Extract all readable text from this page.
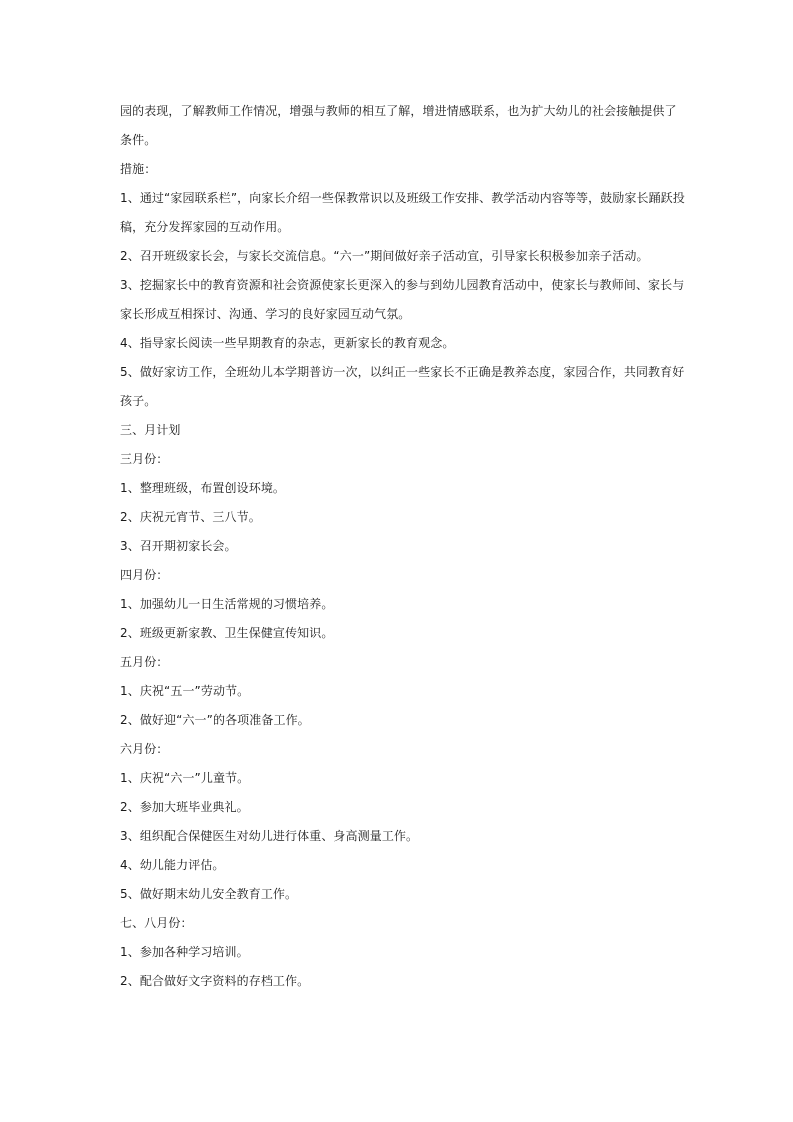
园的表现，了解教师工作情况，增强与教师的相互了解，增进情感联系，也为扩大幼儿的社会接触提供了
条件。
措施：
1、通过“家园联系栏”，向家长介绍一些保教常识以及班级工作安排、教学活动内容等等，鼓励家长踊跃投
稿，充分发挥家园的互动作用。
2、召开班级家长会，与家长交流信息。“六一”期间做好亲子活动宣，引导家长积极参加亲子活动。
3、挖掘家长中的教育资源和社会资源使家长更深入的参与到幼儿园教育活动中，使家长与教师间、家长与
家长形成互相探讨、沟通、学习的良好家园互动气氛。
4、指导家长阅读一些早期教育的杂志，更新家长的教育观念。
5、做好家访工作，全班幼儿本学期普访一次，以纠正一些家长不正确是教养态度，家园合作，共同教育好
孩子。
三、月计划
三月份：
1、整理班级，布置创设环境。
2、庆祝元宵节、三八节。
3、召开期初家长会。
四月份：
1、加强幼儿一日生活常规的习惯培养。
2、班级更新家教、卫生保健宣传知识。
五月份：
1、庆祝“五一”劳动节。
2、做好迎“六一”的各项准备工作。
六月份：
1、庆祝“六一”儿童节。
2、参加大班毕业典礼。
3、组织配合保健医生对幼儿进行体重、身高测量工作。
4、幼儿能力评估。
5、做好期末幼儿安全教育工作。
七、八月份：
1、参加各种学习培训。
2、配合做好文字资料的存档工作。
